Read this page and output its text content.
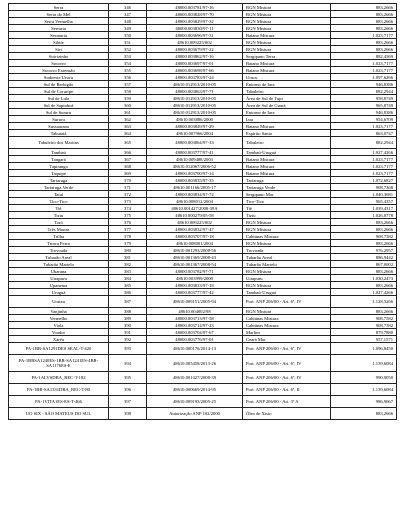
Serra	346	48000.003781/97-16	RGN Mistura	883,2666
Serra do Mel	347	48000.003828/97-70	RGN Mistura	883,2666
Serra Vermelha	348	48000.003829/97-32	RGN Mistura	883,2666
Serraria	349	48000.003830/97-11	RGN Mistura	883,2666
Sesmaria	350	48000.003696/97-31	Baiano Mistura	1.023,7177
Sibite	351	48610.009225/002	RGN Mistura	883,2666
Siri	352	48000.003679/97-22	RGN Mistura	883,2666
Siririzinho	353	48000.003862/97-16	Sergipano Terra	882,4369
Socorro	354	48000.003697/97-01	Baiano Mistura	1.023,7177
Socorro Extensão	355	48000.003698/97-66	Baiano Mistura	1.023,7177
Sudoeste Urucu	356	48000.003783/97-24	Urucu	1.097,6266
Sul de Berbigão	357	48610.012913/2010-05	Entorno de Iara	946,8386
Sul de Coruripe	358	48000.003863/97-71	Tabuleiro	882,2944
Sul de Lula	359	48610.012913/2010-05	Área de Sul de Tupi	958,8749
Sul de Sapinhoá	360	48610.012913/2010-05	Área de Sul de Guará	965,8749
Sul de Sururu	361	48610.012913/2010-05	Entorno de Iara	946,8386
Sururu	362	48610.003886/2000	Iara	954,6709
Sussuarana	363	48000.003849/97-29	Baiano Mistura	1.023,7177
Tabuiaiá	364	48610.007966/2004	Espírito Santo	863,0747
Tabuleiro dos Martins	365	48000.003864/97-33	Tabuleiro	882,2944
Tambaú	366	48000.003777/97-41	Tambaú-Uruguá	1.027,4266
Tangará	367	48610.009488/2003	Baiano Mistura	1.023,7177
Tapiranga	368	48610.012067/2006-52	Baiano Mistura	1.023,7177
Taquipe	369	48000.003700/97-14	Baiano Mistura	1.023,7177
Tartaruga	370	48000.003835/97-35	Tartaruga	1.072,6827
Tartaruga Verde	371	48610.001166/2005-17	Tartaruga Verde	908,7368
Tatuí	372	48000.003834/97-72	Sergipano Mar	1.040,3081
Tico-Tico	373	48610.008012/2004	Tico-Tico	965,4357
Tiê	374	48610.001427/2008-39A	Tiê	1.039,4317
Tiziu	375	48610.000279/05-58	Tiziu	1.026,0778
Toró	376	48610.009225/002	RGN Mistura	883,2666
Três Marias	377	48000.003832/97-47	RGN Mistura	883,2666
Trilha	378	48000.003707/97-18	Cabiúnas Mistura	908,7582
Trinca Ferro	379	48610.008001/2004	RGN Mistura	883,2666
Trovoada	380	48610.001293/2008-56	Trovoada	976,2957
Tubarão Areal	381	48610.001369/2008-43	Tubarão Areal	886,9442
Tubarão Martelo	382	48610.001367/2008-54	Tubarão Martelo	867,0002
Ubarana	383	48000.003782/97-71	RGN Mistura	883,2666
Uirapuru	384	48610.003999/2000	Uirapuru	1.030,2473
Upanema	385	48000.003833/97-18	RGN Mistura	883,2666
Uruguá	386	48000.003777/97-42	Tambaú-Uruguá	1.027,4266
Urutau	387	48610.009151/2005-94	Port. ANP 206/00 - Art. 6º, IV	1.128,5266
Vanjinha	388	48610.004002/98	RGN Mistura	883,2666
Vermelho	389	48000.003713/97-58	Cabiúnas Mistura	908,7582
Viola	390	48000.003714/97-23	Cabiúnas Mistura	908,7582
Voador	391	48000.003704/97-67	Marlim	879,7880
Xaréu	392	48000.003776/97-01	Ceará Mar	957,1571
PA-1BR-SA1291DES SEAL-T-420	393	48610.000176/2014-13	Port. ANP 206/00 - Art. 6º, IV	1.096,8450
PA-1BRSA1240ES-1BR-SA1241ES-4BR-SA1176ES-E	394	48610.005458/2013-26	Port. ANP 206/00 - Art. 6º, IV	1.139,6084
PA-1ALVSDBA_REC-T-182	395	48610.001427/2008-39	Port. ANP 206/00 - Art. 6º, IV	990,9050
PA-1BR-SA1331DBA_REC-T-80	396	48610.000669/2014-95	Port. ANP 206/00 - Art. 6º, II	1.139,6084
PA-1VITA1ES-ES-T-466	397	48610.009193/2005-25	Port. ANP 206/00 - Art. 3º A	986,9667
UO SIX - SÃO MATEUS DO SUL	398	Autorização ANP 102/2000	Óleo de Xisto	883,2666
